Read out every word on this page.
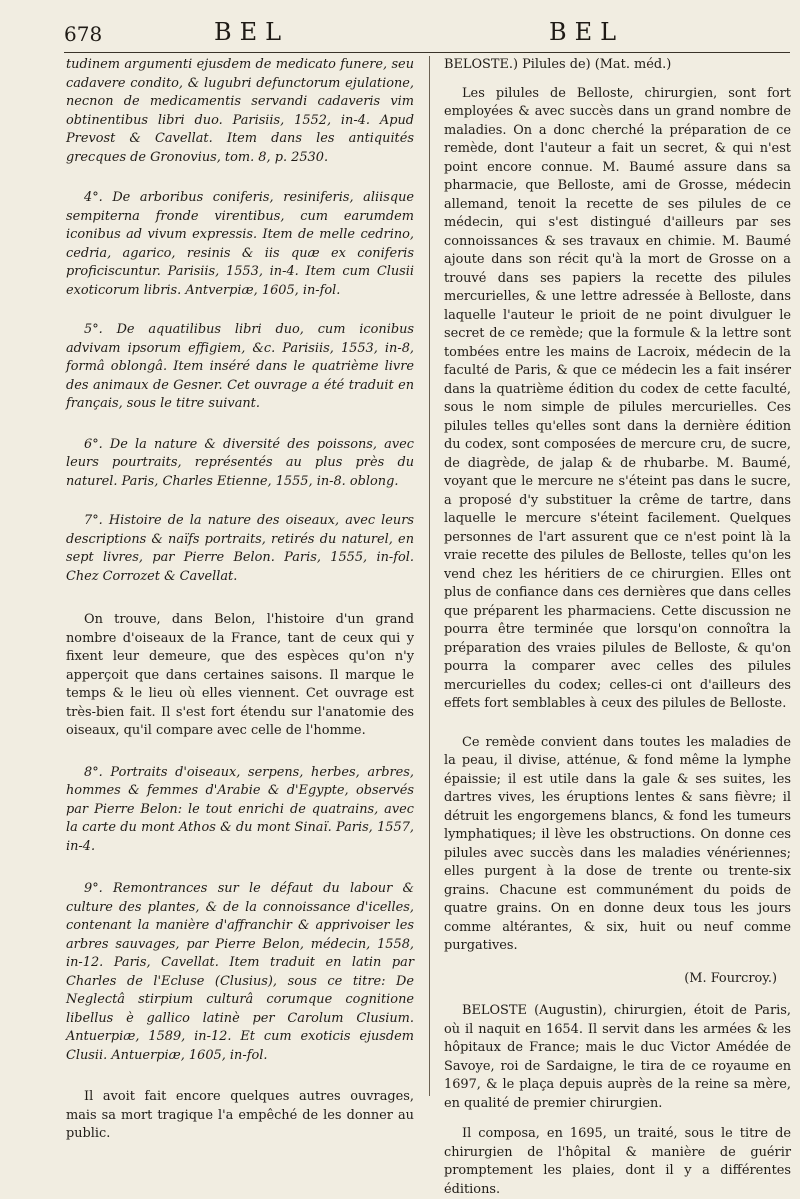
678	BEL	BEL

tudinem argumenti ejusdem de medicato funere, seu cadavere condito, & lugubri defunctorum ejulatione, necnon de medicamentis servandi cadaveris vim obtinentibus libri duo. Parisiis, 1552, in-4. Apud Prevost & Cavellat. Item dans les antiquités grecques de Gronovius, tom. 8, p. 2530.

4°. De arboribus coniferis, resiniferis, aliisque sempiterna fronde virentibus, cum earumdem iconibus ad vivum expressis. Item de melle cedrino, cedria, agarico, resinis & iis quæ ex coniferis proficiscuntur. Parisiis, 1553, in-4. Item cum Clusii exoticorum libris. Antverpiæ, 1605, in-fol.

5°. De aquatilibus libri duo, cum iconibus advivam ipsorum effigiem, &c. Parisiis, 1553, in-8, formâ oblongâ. Item inséré dans le quatrième livre des animaux de Gesner. Cet ouvrage a été traduit en français, sous le titre suivant.

6°. De la nature & diversité des poissons, avec leurs pourtraits, représentés au plus près du naturel. Paris, Charles Etienne, 1555, in-8. oblong.

7°. Histoire de la nature des oiseaux, avec leurs descriptions & naïfs portraits, retirés du naturel, en sept livres, par Pierre Belon. Paris, 1555, in-fol. Chez Corrozet & Cavellat.

On trouve, dans Belon, l'histoire d'un grand nombre d'oiseaux de la France, tant de ceux qui y fixent leur demeure, que des espèces qu'on n'y apperçoit que dans certaines saisons. Il marque le temps & le lieu où elles viennent. Cet ouvrage est très-bien fait. Il s'est fort étendu sur l'anatomie des oiseaux, qu'il compare avec celle de l'homme.

8°. Portraits d'oiseaux, serpens, herbes, arbres, hommes & femmes d'Arabie & d'Egypte, observés par Pierre Belon: le tout enrichi de quatrains, avec la carte du mont Athos & du mont Sinaï. Paris, 1557, in-4.

9°. Remontrances sur le défaut du labour & culture des plantes, & de la connoissance d'icelles, contenant la manière d'affranchir & apprivoiser les arbres sauvages, par Pierre Belon, médecin, 1558, in-12. Paris, Cavellat. Item traduit en latin par Charles de l'Ecluse (Clusius), sous ce titre: De Neglectâ stirpium culturâ corumque cognitione libellus è gallico latinè per Carolum Clusium. Antuerpiæ, 1589, in-12. Et cum exoticis ejusdem Clusii. Antuerpiæ, 1605, in-fol.

Il avoit fait encore quelques autres ouvrages, mais sa mort tragique l'a empêché de les donner au public.

BELOSTE.) Pilules de) (Mat. méd.)

Les pilules de Belloste, chirurgien, sont fort employées & avec succès dans un grand nombre de maladies. On a donc cherché la préparation de ce remède, dont l'auteur a fait un secret, & qui n'est point encore connue. M. Baumé assure dans sa pharmacie, que Belloste, ami de Grosse, médecin allemand, tenoit la recette de ses pilules de ce médecin, qui s'est distingué d'ailleurs par ses connoissances & ses travaux en chimie. M. Baumé ajoute dans son récit qu'à la mort de Grosse on a trouvé dans ses papiers la recette des pilules mercurielles, & une lettre adressée à Belloste, dans laquelle l'auteur le prioit de ne point divulguer le secret de ce remède; que la formule & la lettre sont tombées entre les mains de Lacroix, médecin de la faculté de Paris, & que ce médecin les a fait insérer dans la quatrième édition du codex de cette faculté, sous le nom simple de pilules mercurielles. Ces pilules telles qu'elles sont dans la dernière édition du codex, sont composées de mercure cru, de sucre, de diagrède, de jalap & de rhubarbe. M. Baumé, voyant que le mercure ne s'éteint pas dans le sucre, a proposé d'y substituer la crême de tartre, dans laquelle le mercure s'éteint facilement. Quelques personnes de l'art assurent que ce n'est point là la vraie recette des pilules de Belloste, telles qu'on les vend chez les héritiers de ce chirurgien. Elles ont plus de confiance dans ces dernières que dans celles que préparent les pharmaciens. Cette discussion ne pourra être terminée que lorsqu'on connoîtra la préparation des vraies pilules de Belloste, & qu'on pourra la comparer avec celles des pilules mercurielles du codex; celles-ci ont d'ailleurs des effets fort semblables à ceux des pilules de Belloste.

Ce remède convient dans toutes les maladies de la peau, il divise, atténue, & fond même la lymphe épaissie; il est utile dans la gale & ses suites, les dartres vives, les éruptions lentes & sans fièvre; il détruit les engorgemens blancs, & fond les tumeurs lymphatiques; il lève les obstructions. On donne ces pilules avec succès dans les maladies vénériennes; elles purgent à la dose de trente ou trente-six grains. Chacune est communément du poids de quatre grains. On en donne deux tous les jours comme altérantes, & six, huit ou neuf comme purgatives.

(M. Fourcroy.)

BELOSTE (Augustin), chirurgien, étoit de Paris, où il naquit en 1654. Il servit dans les armées & les hôpitaux de France; mais le duc Victor Amédée de Savoye, roi de Sardaigne, le tira de ce royaume en 1697, & le plaça depuis auprès de la reine sa mère, en qualité de premier chirurgien.

Il composa, en 1695, un traité, sous le titre de chirurgien de l'hôpital & manière de guérir promptement les plaies, dont il y a différentes éditions.
